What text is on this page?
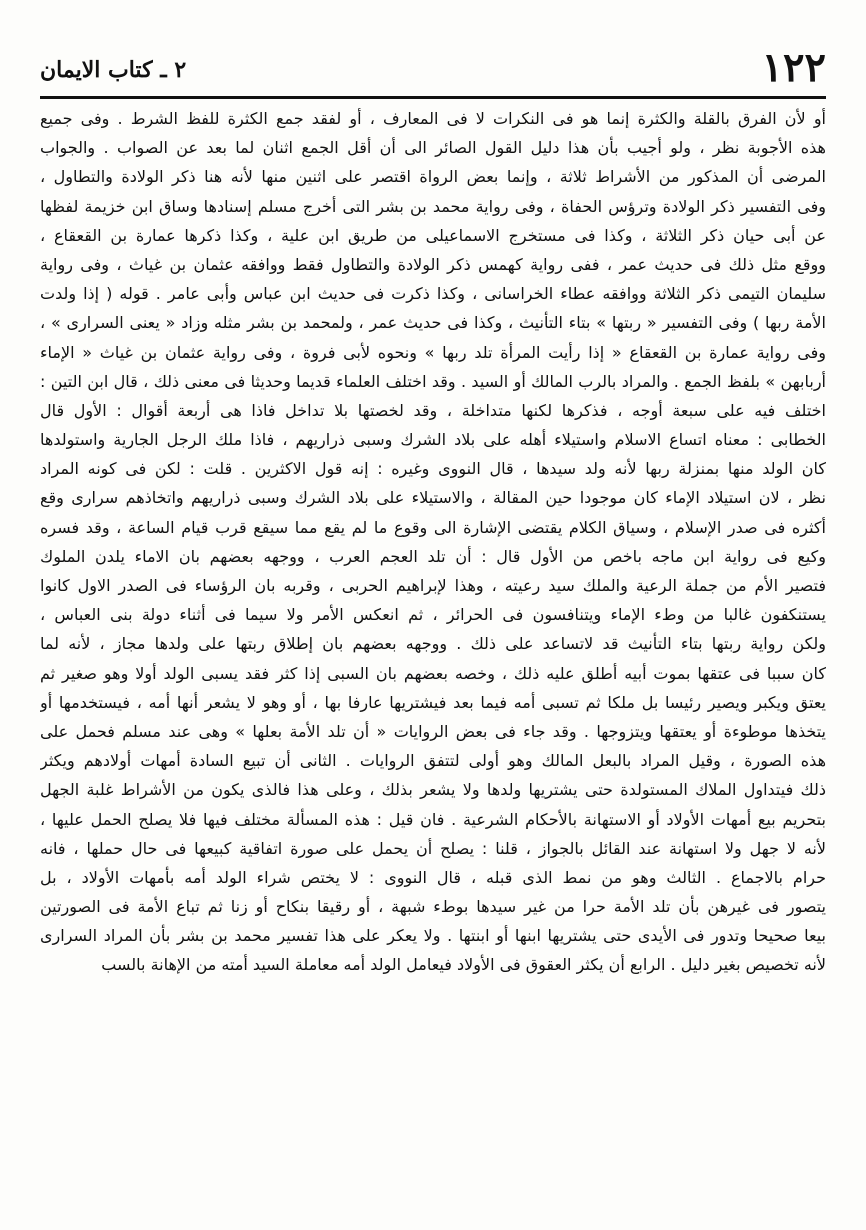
١٢٢
٢ ـ كتاب الايمان
أو لأن الفرق بالقلة والكثرة إنما هو فى النكرات لا فى المعارف ، أو لفقد جمع الكثرة للفظ الشرط . وفى جميع
هذه الأجوبة نظر ، ولو أجيب بأن هذا دليل القول الصائر الى أن أقل الجمع اثنان لما بعد عن الصواب . والجواب
المرضى أن المذكور من الأشراط ثلاثة ، وإنما بعض الرواة اقتصر على اثنين منها لأنه هنا ذكر الولادة والتطاول ،
وفى التفسير ذكر الولادة وترؤس الحفاة ، وفى رواية محمد بن بشر التى أخرج مسلم إسنادها وساق ابن خزيمة لفظها
عن أبى حيان ذكر الثلاثة ، وكذا فى مستخرج الاسماعيلى من طريق ابن علية ، وكذا ذكرها عمارة بن القعقاع ،
ووقع مثل ذلك فى حديث عمر ، ففى رواية كهمس ذكر الولادة والتطاول فقط ووافقه عثمان بن غياث ، وفى رواية
سليمان التيمى ذكر الثلاثة ووافقه عطاء الخراسانى ، وكذا ذكرت فى حديث ابن عباس وأبى عامر . قوله ( إذا ولدت
الأمة ربها ) وفى التفسير « ربتها » بتاء التأنيث ، وكذا فى حديث عمر ، ولمحمد بن بشر مثله وزاد « يعنى السرارى » ،
وفى رواية عمارة بن القعقاع « إذا رأيت المرأة تلد ربها » ونحوه لأبى فروة ، وفى رواية عثمان بن غياث « الإماء
أربابهن » بلفظ الجمع . والمراد بالرب المالك أو السيد . وقد اختلف العلماء قديما وحديثا فى معنى ذلك ، قال ابن التين :
اختلف فيه على سبعة أوجه ، فذكرها لكنها متداخلة ، وقد لخصتها بلا تداخل فاذا هى أربعة أقوال : الأول قال
الخطابى : معناه اتساع الاسلام واستيلاء أهله على بلاد الشرك وسبى ذراريهم ، فاذا ملك الرجل الجارية واستولدها
كان الولد منها بمنزلة ربها لأنه ولد سيدها ، قال النووى وغيره : إنه قول الاكثرين . قلت : لكن فى كونه المراد
نظر ، لان استيلاد الإماء كان موجودا حين المقالة ، والاستيلاء على بلاد الشرك وسبى ذراريهم واتخاذهم سرارى وقع
أكثره فى صدر الإسلام ، وسياق الكلام يقتضى الإشارة الى وقوع ما لم يقع مما سيقع قرب قيام الساعة ، وقد فسره
وكيع فى رواية ابن ماجه باخص من الأول قال : أن تلد العجم العرب ، ووجهه بعضهم بان الاماء يلدن الملوك
فتصير الأم من جملة الرعية والملك سيد رعيته ، وهذا لإبراهيم الحربى ، وقربه بان الرؤساء فى الصدر الاول كانوا
يستنكفون غالبا من وطء الإماء ويتنافسون فى الحرائر ، ثم انعكس الأمر ولا سيما فى أثناء دولة بنى العباس ،
ولكن رواية ربتها بتاء التأنيث قد لاتساعد على ذلك . ووجهه بعضهم بان إطلاق ربتها على ولدها مجاز ، لأنه لما
كان سببا فى عتقها بموت أبيه أطلق عليه ذلك ، وخصه بعضهم بان السبى إذا كثر فقد يسبى الولد أولا وهو صغير ثم
يعتق ويكبر ويصير رئيسا بل ملكا ثم تسبى أمه فيما بعد فيشتريها عارفا بها ، أو وهو لا يشعر أنها أمه ، فيستخدمها أو
يتخذها موطوءة أو يعتقها ويتزوجها . وقد جاء فى بعض الروايات « أن تلد الأمة بعلها » وهى عند مسلم فحمل على
هذه الصورة ، وقيل المراد بالبعل المالك وهو أولى لتتفق الروايات . الثانى أن تبيع السادة أمهات أولادهم ويكثر
ذلك فيتداول الملاك المستولدة حتى يشتريها ولدها ولا يشعر بذلك ، وعلى هذا فالذى يكون من الأشراط غلبة الجهل
بتحريم بيع أمهات الأولاد أو الاستهانة بالأحكام الشرعية . فان قيل : هذه المسألة مختلف فيها فلا يصلح الحمل عليها ،
لأنه لا جهل ولا استهانة عند القائل بالجواز ، قلنا : يصلح أن يحمل على صورة اتفاقية كبيعها فى حال حملها ، فانه
حرام بالاجماع . الثالث وهو من نمط الذى قبله ، قال النووى : لا يختص شراء الولد أمه بأمهات الأولاد ، بل
يتصور فى غيرهن بأن تلد الأمة حرا من غير سيدها بوطء شبهة ، أو رقيقا بنكاح أو زنا ثم تباع الأمة فى الصورتين
بيعا صحيحا وتدور فى الأيدى حتى يشتريها ابنها أو ابنتها . ولا يعكر على هذا تفسير محمد بن بشر بأن المراد السرارى
لأنه تخصيص بغير دليل . الرابع أن يكثر العقوق فى الأولاد فيعامل الولد أمه معاملة السيد أمته من الإهانة بالسب
